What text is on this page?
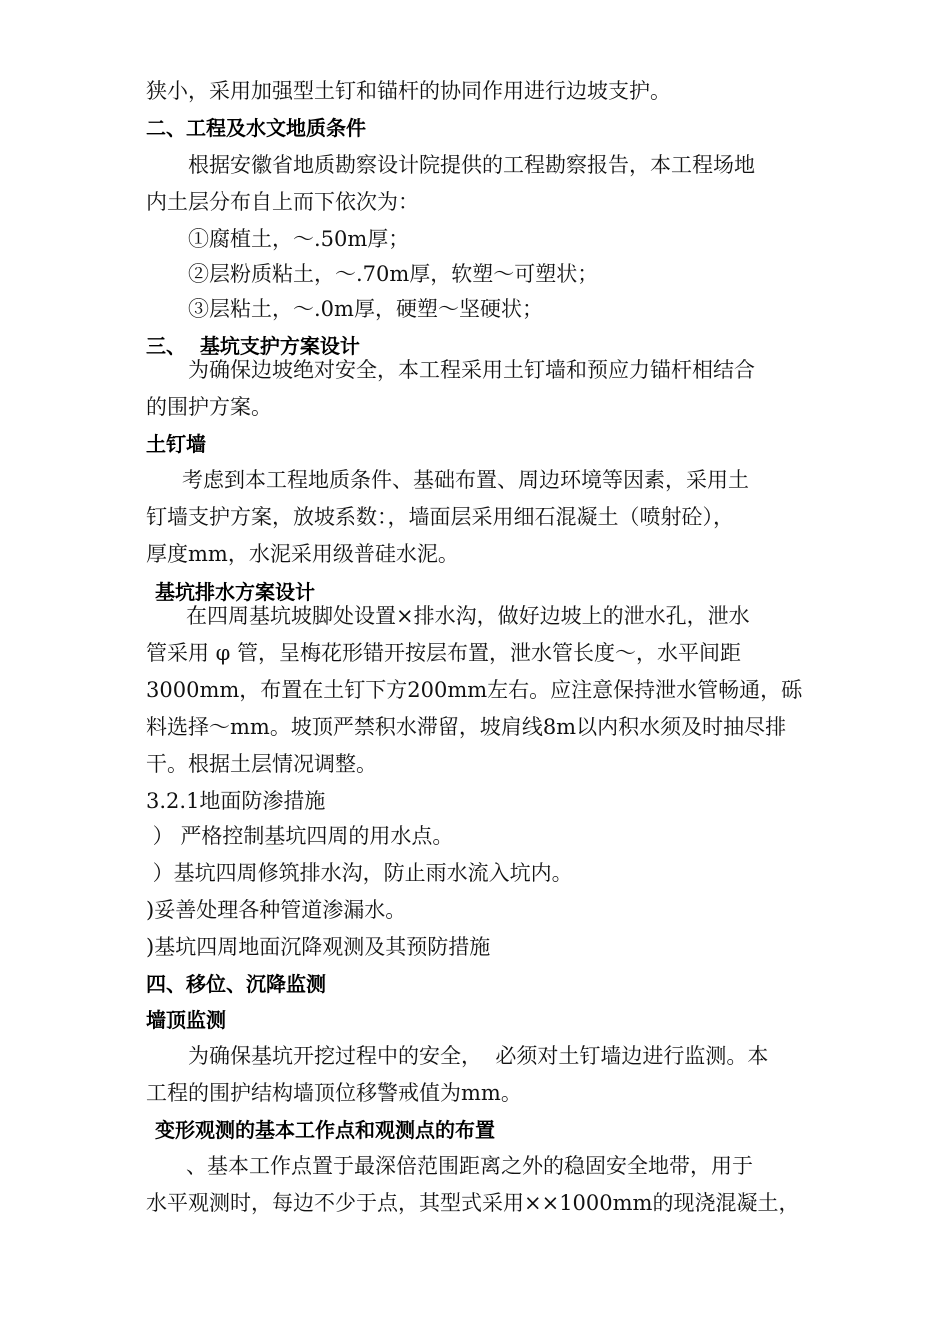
狭小，采用加强型土钉和锚杆的协同作用进行边坡支护。

二、工程及水文地质条件

根据安徽省地质勘察设计院提供的工程勘察报告，本工程场地

内土层分布自上而下依次为：

①腐植土，～.50m厚；

②层粉质粘土，～.70m厚，软塑～可塑状；

③层粘土，～.0m厚，硬塑～坚硬状；

三、  基坑支护方案设计

为确保边坡绝对安全，本工程采用土钉墙和预应力锚杆相结合

的围护方案。

土钉墙

考虑到本工程地质条件、基础布置、周边环境等因素，采用土

钉墙支护方案，放坡系数：，墙面层采用细石混凝土（喷射砼），

厚度mm，水泥采用级普硅水泥。

基坑排水方案设计

在四周基坑坡脚处设置×排水沟，做好边坡上的泄水孔，泄水

管采用 φ 管，呈梅花形错开按层布置，泄水管长度～，水平间距

3000mm，布置在土钉下方200mm左右。应注意保持泄水管畅通，砾

料选择～mm。坡顶严禁积水滞留，坡肩线8m以内积水须及时抽尽排

干。根据土层情况调整。

3.2.1地面防渗措施

） 严格控制基坑四周的用水点。

）基坑四周修筑排水沟，防止雨水流入坑内。

)妥善处理各种管道渗漏水。

)基坑四周地面沉降观测及其预防措施

四、移位、沉降监测

墙顶监测

为确保基坑开挖过程中的安全，  必须对土钉墙边进行监测。本

工程的围护结构墙顶位移警戒值为mm。

变形观测的基本工作点和观测点的布置

、基本工作点置于最深倍范围距离之外的稳固安全地带，用于

水平观测时，每边不少于点，其型式采用××1000mm的现浇混凝土，
